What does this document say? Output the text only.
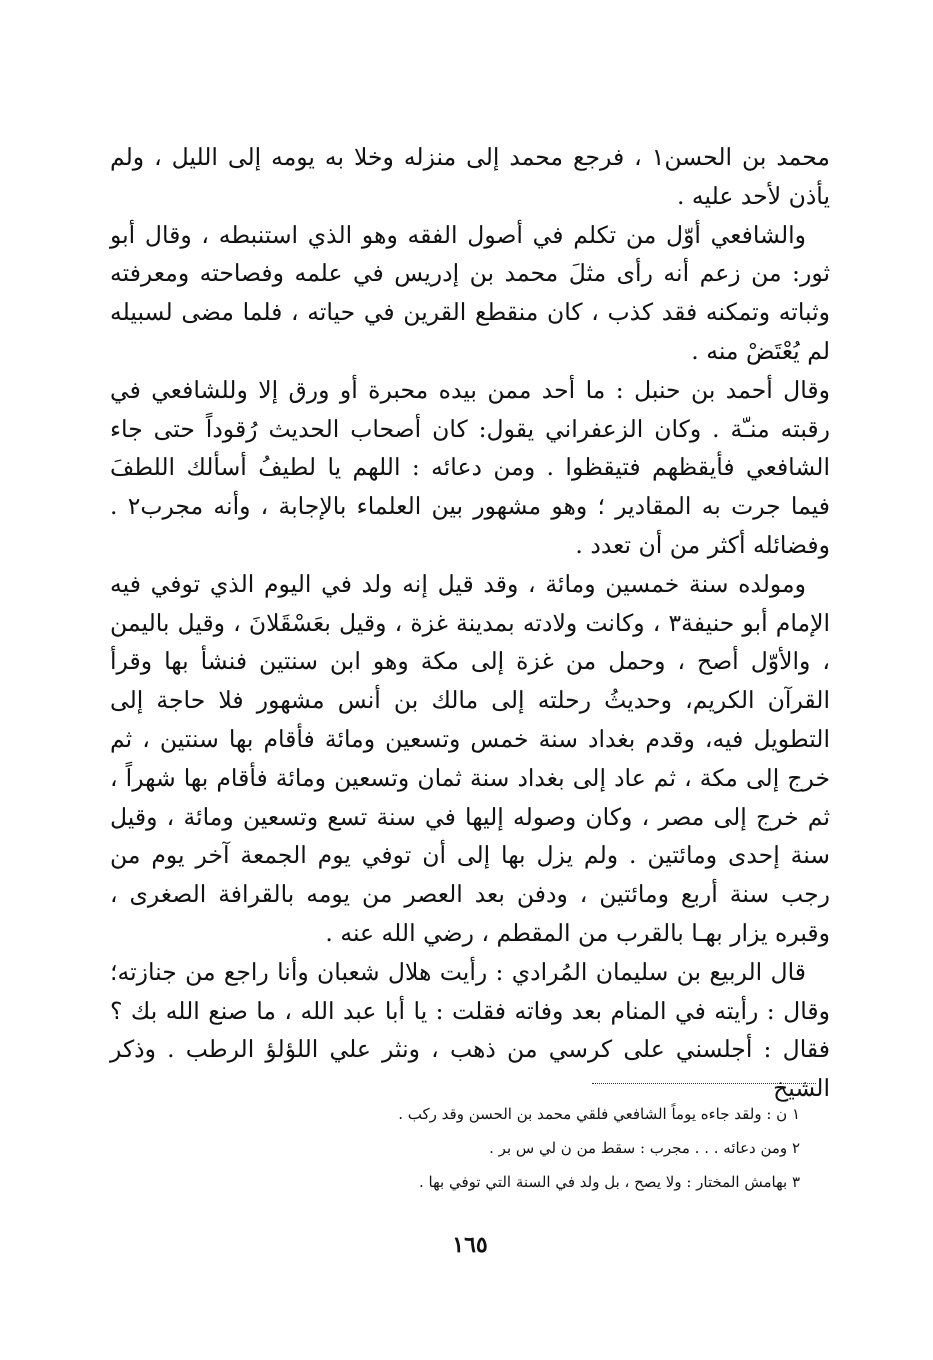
محمد بن الحسن١ ، فرجع محمد إلى منزله وخلا به يومه إلى الليل ، ولم يأذن لأحد عليه .

والشافعي أوّل من تكلم في أصول الفقه وهو الذي استنبطه ، وقال أبو ثور: من زعم أنه رأى مثلَ محمد بن إدريس في علمه وفصاحته ومعرفته وثباته وتمكنه فقد كذب ، كان منقطع القرين في حياته ، فلما مضى لسبيله لم يُعْتَضْ منه .

وقال أحمد بن حنبل : ما أحد ممن بيده محبرة أو ورق إلا وللشافعي في رقبته منـّة . وكان الزعفراني يقول: كان أصحاب الحديث رُقوداً حتى جاء الشافعي فأيقظهم فتيقظوا . ومن دعائه : اللهم يا لطيفُ أسألك اللطفَ فيما جرت به المقادير ؛ وهو مشهور بين العلماء بالإجابة ، وأنه مجرب٢ . وفضائله أكثر من أن تعدد .

ومولده سنة خمسين ومائة ، وقد قيل إنه ولد في اليوم الذي توفي فيه الإمام أبو حنيفة٣ ، وكانت ولادته بمدينة غزة ، وقيل بعَسْقَلانَ ، وقيل باليمن ، والأوّل أصح ، وحمل من غزة إلى مكة وهو ابن سنتين فنشأ بها وقرأ القرآن الكريم، وحديثُ رحلته إلى مالك بن أنس مشهور فلا حاجة إلى التطويل فيه، وقدم بغداد سنة خمس وتسعين ومائة فأقام بها سنتين ، ثم خرج إلى مكة ، ثم عاد إلى بغداد سنة ثمان وتسعين ومائة فأقام بها شهراً ، ثم خرج إلى مصر ، وكان وصوله إليها في سنة تسع وتسعين ومائة ، وقيل سنة إحدى ومائتين . ولم يزل بها إلى أن توفي يوم الجمعة آخر يوم من رجب سنة أربع ومائتين ، ودفن بعد العصر من يومه بالقرافة الصغرى ، وقبره يزار بهـا بالقرب من المقطم ، رضي الله عنه .

قال الربيع بن سليمان المُرادي : رأيت هلال شعبان وأنا راجع من جنازته؛ وقال : رأيته في المنام بعد وفاته فقلت : يا أبا عبد الله ، ما صنع الله بك ؟ فقال : أجلسني على كرسي من ذهب ، ونثر علي اللؤلؤ الرطب . وذكر الشيخ

١ ن : ولقد جاءه يوماً الشافعي فلقي محمد بن الحسن وقد ركب .
٢ ومن دعائه . . . مجرب : سقط من ن لي س بر .
٣ بهامش المختار : ولا يصح ، بل ولد في السنة التي توفي بها .
١٦٥
